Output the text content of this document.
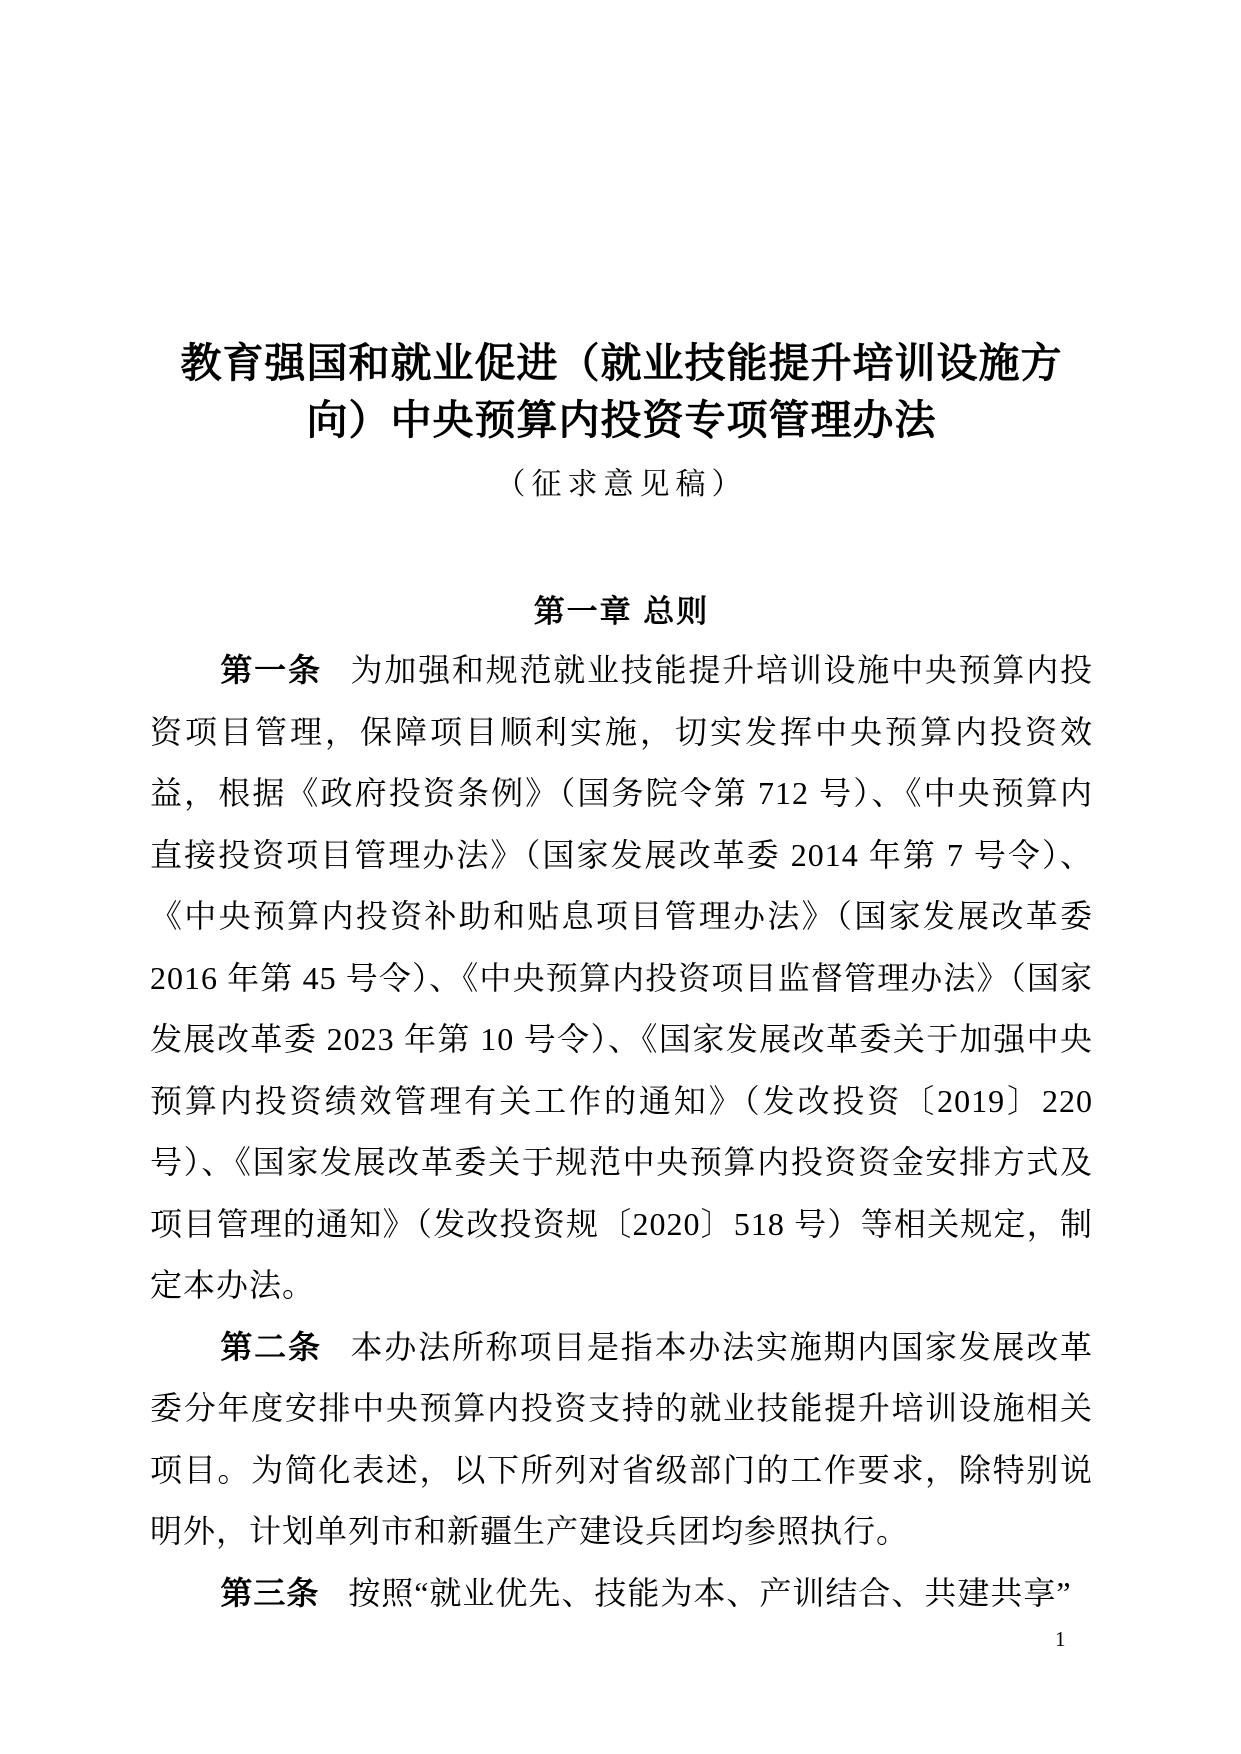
教育强国和就业促进（就业技能提升培训设施方
向）中央预算内投资专项管理办法
（征求意见稿）
第一章 总则

第一条 为加强和规范就业技能提升培训设施中央预算内投资项目管理，保障项目顺利实施，切实发挥中央预算内投资效益，根据《政府投资条例》（国务院令第 712 号）、《中央预算内直接投资项目管理办法》（国家发展改革委 2014 年第 7 号令）、《中央预算内投资补助和贴息项目管理办法》（国家发展改革委 2016 年第 45 号令）、《中央预算内投资项目监督管理办法》（国家发展改革委 2023 年第 10 号令）、《国家发展改革委关于加强中央预算内投资绩效管理有关工作的通知》（发改投资〔2019〕220 号）、《国家发展改革委关于规范中央预算内投资资金安排方式及项目管理的通知》（发改投资规〔2020〕518 号）等相关规定，制定本办法。

第二条 本办法所称项目是指本办法实施期内国家发展改革委分年度安排中央预算内投资支持的就业技能提升培训设施相关项目。为简化表述，以下所列对省级部门的工作要求，除特别说明外，计划单列市和新疆生产建设兵团均参照执行。

第三条 按照“就业优先、技能为本、产训结合、共建共享”

1
